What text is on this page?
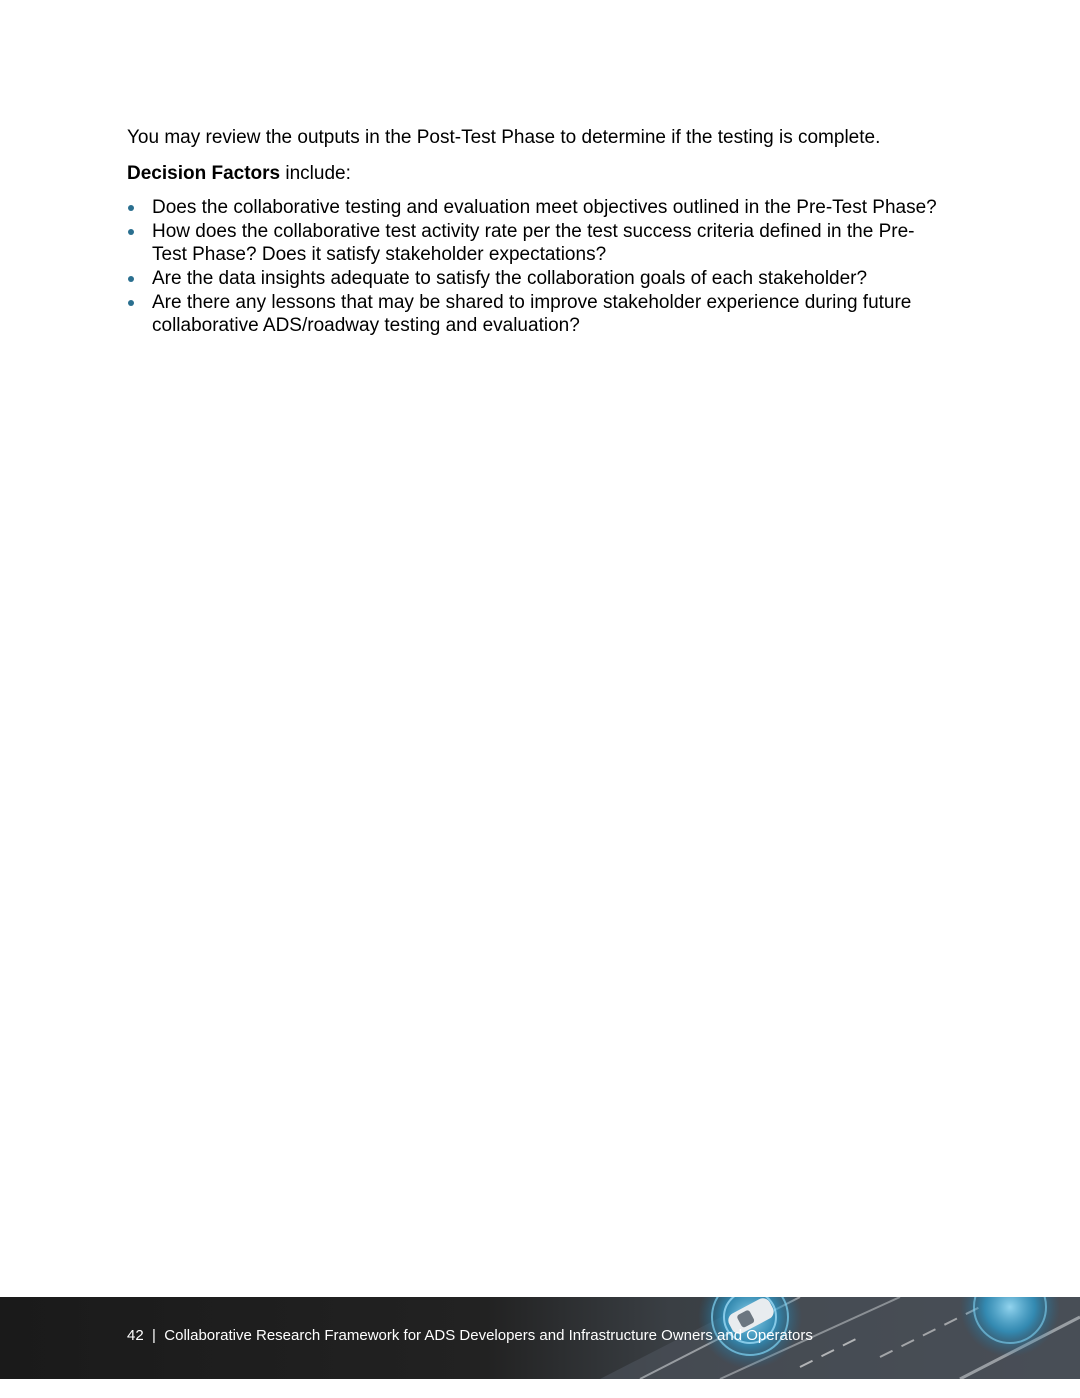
You may review the outputs in the Post-Test Phase to determine if the testing is complete.

Decision Factors include:

Does the collaborative testing and evaluation meet objectives outlined in the Pre-Test Phase?
How does the collaborative test activity rate per the test success criteria defined in the Pre-Test Phase? Does it satisfy stakeholder expectations?
Are the data insights adequate to satisfy the collaboration goals of each stakeholder?
Are there any lessons that may be shared to improve stakeholder experience during future collaborative ADS/roadway testing and evaluation?
42 | Collaborative Research Framework for ADS Developers and Infrastructure Owners and Operators
